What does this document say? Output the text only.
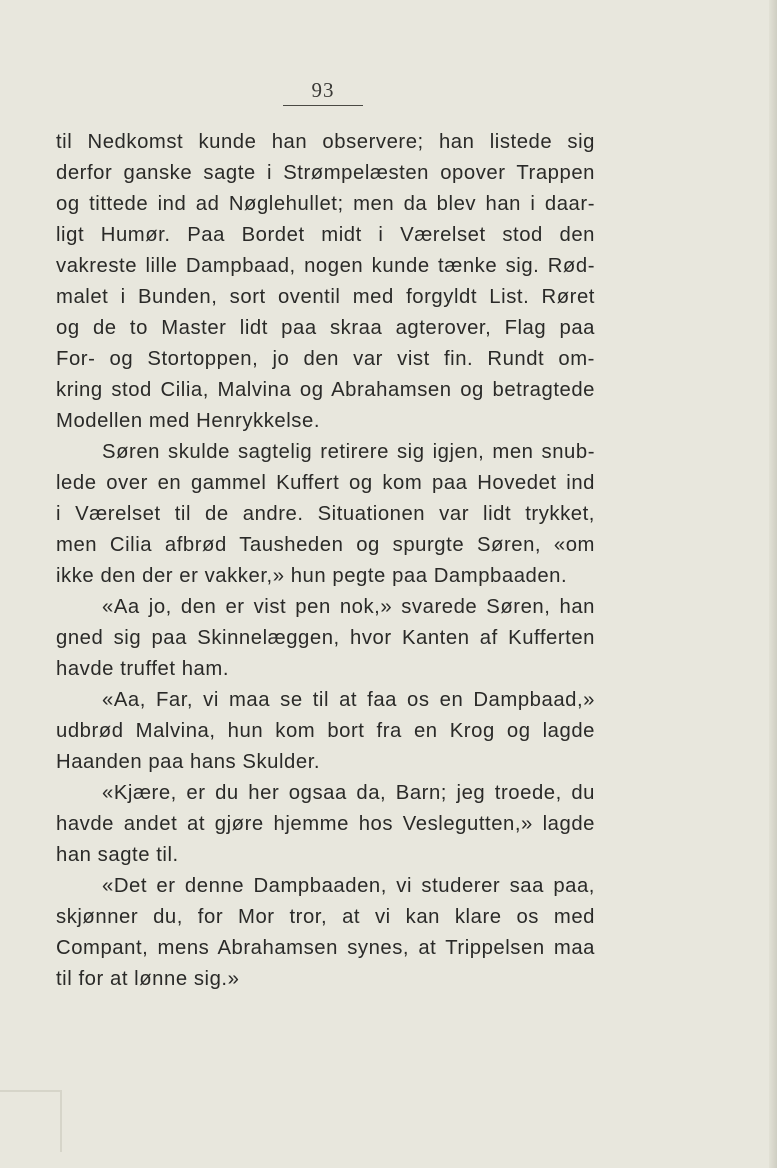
93
til Nedkomst kunde han observere; han listede sig
derfor ganske sagte i Strømpelæsten opover Trappen
og tittede ind ad Nøglehullet; men da blev han i daar-
ligt Humør. Paa Bordet midt i Værelset stod den
vakreste lille Dampbaad, nogen kunde tænke sig. Rød-
malet i Bunden, sort oventil med forgyldt List. Røret
og de to Master lidt paa skraa agterover, Flag paa
For- og Stortoppen, jo den var vist fin. Rundt om-
kring stod Cilia, Malvina og Abrahamsen og betragtede
Modellen med Henrykkelse.
Søren skulde sagtelig retirere sig igjen, men snub-
lede over en gammel Kuffert og kom paa Hovedet ind
i Værelset til de andre. Situationen var lidt trykket,
men Cilia afbrød Tausheden og spurgte Søren, «om
ikke den der er vakker,» hun pegte paa Dampbaaden.
«Aa jo, den er vist pen nok,» svarede Søren, han
gned sig paa Skinnelæggen, hvor Kanten af Kufferten
havde truffet ham.
«Aa, Far, vi maa se til at faa os en Dampbaad,»
udbrød Malvina, hun kom bort fra en Krog og lagde
Haanden paa hans Skulder.
«Kjære, er du her ogsaa da, Barn; jeg troede, du
havde andet at gjøre hjemme hos Veslegutten,» lagde
han sagte til.
«Det er denne Dampbaaden, vi studerer saa paa,
skjønner du, for Mor tror, at vi kan klare os med
Compant, mens Abrahamsen synes, at Trippelsen maa
til for at lønne sig.»
